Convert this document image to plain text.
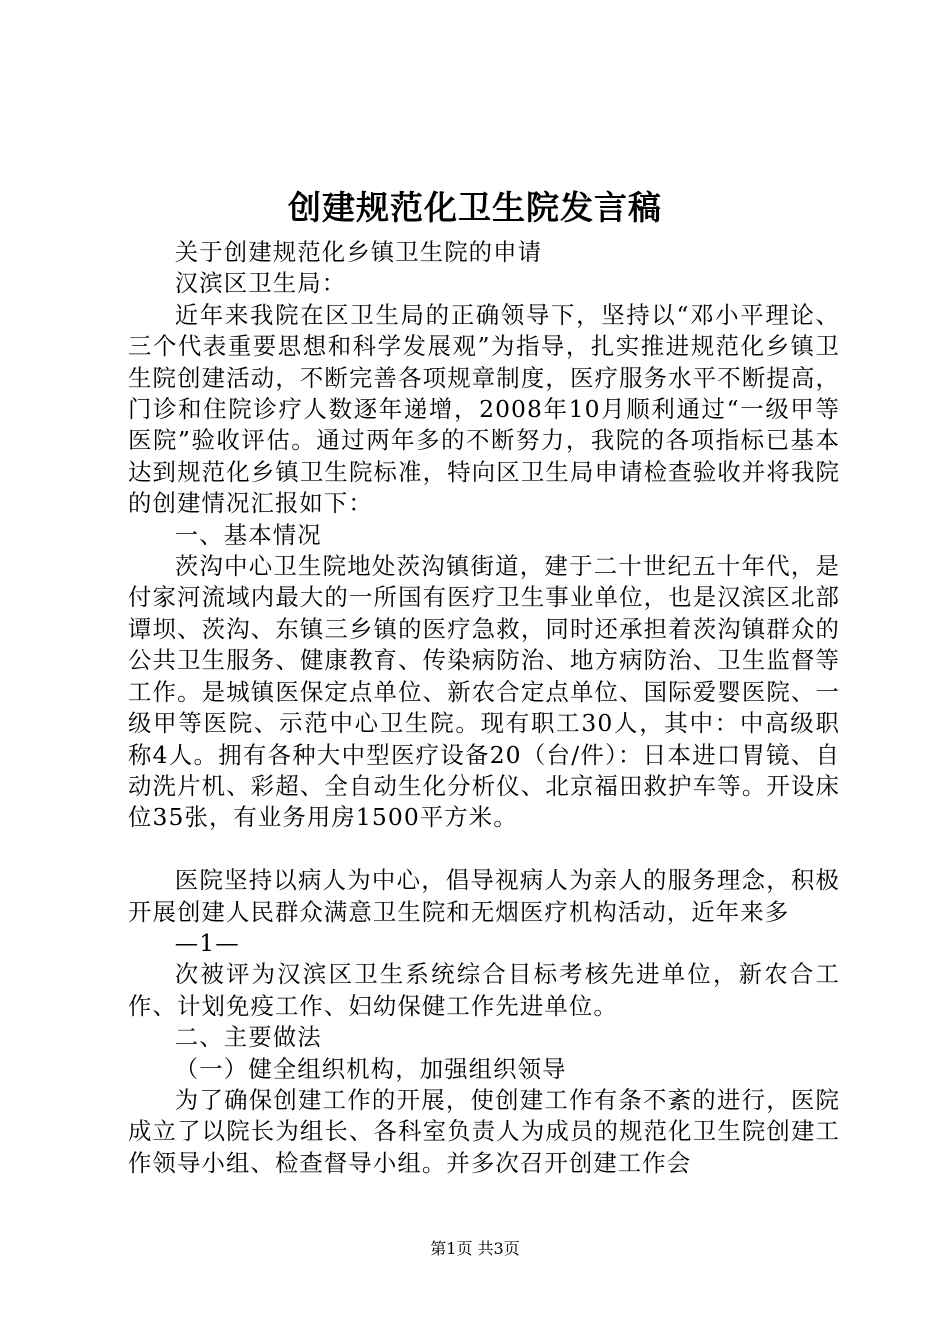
创建规范化卫生院发言稿

关于创建规范化乡镇卫生院的申请

汉滨区卫生局：

近年来我院在区卫生局的正确领导下，坚持以“邓小平理论、三个代表重要思想和科学发展观”为指导，扎实推进规范化乡镇卫生院创建活动，不断完善各项规章制度，医疗服务水平不断提高，门诊和住院诊疗人数逐年递增，2008年10月顺利通过“一级甲等医院”验收评估。通过两年多的不断努力，我院的各项指标已基本达到规范化乡镇卫生院标准，特向区卫生局申请检查验收并将我院的创建情况汇报如下：

一、基本情况

茨沟中心卫生院地处茨沟镇街道，建于二十世纪五十年代，是付家河流域内最大的一所国有医疗卫生事业单位，也是汉滨区北部谭坝、茨沟、东镇三乡镇的医疗急救，同时还承担着茨沟镇群众的公共卫生服务、健康教育、传染病防治、地方病防治、卫生监督等工作。是城镇医保定点单位、新农合定点单位、国际爱婴医院、一级甲等医院、示范中心卫生院。现有职工30人，其中：中高级职称4人。拥有各种大中型医疗设备20（台/件）：日本进口胃镜、自动洗片机、彩超、全自动生化分析仪、北京福田救护车等。开设床位35张，有业务用房1500平方米。

医院坚持以病人为中心，倡导视病人为亲人的服务理念，积极开展创建人民群众满意卫生院和无烟医疗机构活动，近年来多

—1—

次被评为汉滨区卫生系统综合目标考核先进单位，新农合工作、计划免疫工作、妇幼保健工作先进单位。

二、主要做法

（一）健全组织机构，加强组织领导

为了确保创建工作的开展，使创建工作有条不紊的进行，医院成立了以院长为组长、各科室负责人为成员的规范化卫生院创建工作领导小组、检查督导小组。并多次召开创建工作会

第1页 共3页
